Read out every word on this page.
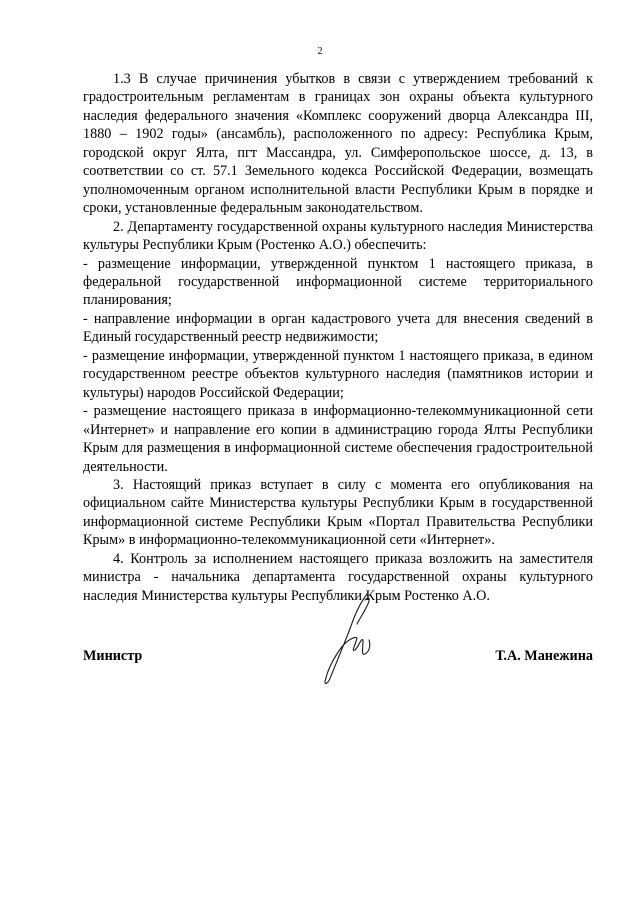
2

1.3 В случае причинения убытков в связи с утверждением требований к градостроительным регламентам в границах зон охраны объекта культурного наследия федерального значения «Комплекс сооружений дворца Александра III, 1880 – 1902 годы» (ансамбль), расположенного по адресу: Республика Крым, городской округ Ялта, пгт Массандра, ул. Симферопольское шоссе, д. 13, в соответствии со ст. 57.1 Земельного кодекса Российской Федерации, возмещать уполномоченным органом исполнительной власти Республики Крым в порядке и сроки, установленные федеральным законодательством.

2. Департаменту государственной охраны культурного наследия Министерства культуры Республики Крым (Ростенко А.О.) обеспечить:

- размещение информации, утвержденной пунктом 1 настоящего приказа, в федеральной государственной информационной системе территориального планирования;

- направление информации в орган кадастрового учета для внесения сведений в Единый государственный реестр недвижимости;

- размещение информации, утвержденной пунктом 1 настоящего приказа, в едином государственном реестре объектов культурного наследия (памятников истории и культуры) народов Российской Федерации;

- размещение настоящего приказа в информационно-телекоммуникационной сети «Интернет» и направление его копии в администрацию города Ялты Республики Крым для размещения в информационной системе обеспечения градостроительной деятельности.

3. Настоящий приказ вступает в силу с момента его опубликования на официальном сайте Министерства культуры Республики Крым в государственной информационной системе Республики Крым «Портал Правительства Республики Крым» в информационно-телекоммуникационной сети «Интернет».

4. Контроль за исполнением настоящего приказа возложить на заместителя министра - начальника департамента государственной охраны культурного наследия Министерства культуры Республики Крым Ростенко А.О.

Министр	Т.А. Манежина
